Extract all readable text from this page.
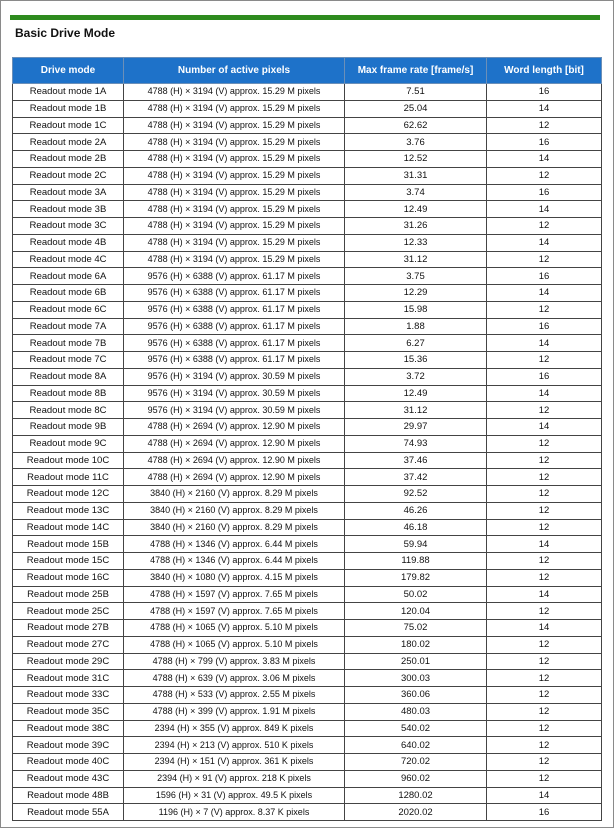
Basic Drive Mode
Drive mode	Number of active pixels	Max frame rate [frame/s]	Word length [bit]
Readout mode 1A	4788 (H) × 3194 (V) approx. 15.29 M pixels	7.51	16
Readout mode 1B	4788 (H) × 3194 (V) approx. 15.29 M pixels	25.04	14
Readout mode 1C	4788 (H) × 3194 (V) approx. 15.29 M pixels	62.62	12
Readout mode 2A	4788 (H) × 3194 (V) approx. 15.29 M pixels	3.76	16
Readout mode 2B	4788 (H) × 3194 (V) approx. 15.29 M pixels	12.52	14
Readout mode 2C	4788 (H) × 3194 (V) approx. 15.29 M pixels	31.31	12
Readout mode 3A	4788 (H) × 3194 (V) approx. 15.29 M pixels	3.74	16
Readout mode 3B	4788 (H) × 3194 (V) approx. 15.29 M pixels	12.49	14
Readout mode 3C	4788 (H) × 3194 (V) approx. 15.29 M pixels	31.26	12
Readout mode 4B	4788 (H) × 3194 (V) approx. 15.29 M pixels	12.33	14
Readout mode 4C	4788 (H) × 3194 (V) approx. 15.29 M pixels	31.12	12
Readout mode 6A	9576 (H) × 6388 (V) approx. 61.17 M pixels	3.75	16
Readout mode 6B	9576 (H) × 6388 (V) approx. 61.17 M pixels	12.29	14
Readout mode 6C	9576 (H) × 6388 (V) approx. 61.17 M pixels	15.98	12
Readout mode 7A	9576 (H) × 6388 (V) approx. 61.17 M pixels	1.88	16
Readout mode 7B	9576 (H) × 6388 (V) approx. 61.17 M pixels	6.27	14
Readout mode 7C	9576 (H) × 6388 (V) approx. 61.17 M pixels	15.36	12
Readout mode 8A	9576 (H) × 3194 (V) approx. 30.59 M pixels	3.72	16
Readout mode 8B	9576 (H) × 3194 (V) approx. 30.59 M pixels	12.49	14
Readout mode 8C	9576 (H) × 3194 (V) approx. 30.59 M pixels	31.12	12
Readout mode 9B	4788 (H) × 2694 (V) approx. 12.90 M pixels	29.97	14
Readout mode 9C	4788 (H) × 2694 (V) approx. 12.90 M pixels	74.93	12
Readout mode 10C	4788 (H) × 2694 (V) approx. 12.90 M pixels	37.46	12
Readout mode 11C	4788 (H) × 2694 (V) approx. 12.90 M pixels	37.42	12
Readout mode 12C	3840 (H) × 2160 (V) approx. 8.29 M pixels	92.52	12
Readout mode 13C	3840 (H) × 2160 (V) approx. 8.29 M pixels	46.26	12
Readout mode 14C	3840 (H) × 2160 (V) approx. 8.29 M pixels	46.18	12
Readout mode 15B	4788 (H) × 1346 (V) approx. 6.44 M pixels	59.94	14
Readout mode 15C	4788 (H) × 1346 (V) approx. 6.44 M pixels	119.88	12
Readout mode 16C	3840 (H) × 1080 (V) approx. 4.15 M pixels	179.82	12
Readout mode 25B	4788 (H) × 1597 (V) approx. 7.65 M pixels	50.02	14
Readout mode 25C	4788 (H) × 1597 (V) approx. 7.65 M pixels	120.04	12
Readout mode 27B	4788 (H) × 1065 (V) approx. 5.10 M pixels	75.02	14
Readout mode 27C	4788 (H) × 1065 (V) approx. 5.10 M pixels	180.02	12
Readout mode 29C	4788 (H) × 799 (V) approx. 3.83 M pixels	250.01	12
Readout mode 31C	4788 (H) × 639 (V) approx. 3.06 M pixels	300.03	12
Readout mode 33C	4788 (H) × 533 (V) approx. 2.55 M pixels	360.06	12
Readout mode 35C	4788 (H) × 399 (V) approx. 1.91 M pixels	480.03	12
Readout mode 38C	2394 (H) × 355 (V) approx. 849 K pixels	540.02	12
Readout mode 39C	2394 (H) × 213 (V) approx. 510 K pixels	640.02	12
Readout mode 40C	2394 (H) × 151 (V) approx. 361 K pixels	720.02	12
Readout mode 43C	2394 (H) × 91 (V) approx. 218 K pixels	960.02	12
Readout mode 48B	1596 (H) × 31 (V) approx. 49.5 K pixels	1280.02	14
Readout mode 55A	1196 (H) × 7 (V) approx. 8.37 K pixels	2020.02	16
